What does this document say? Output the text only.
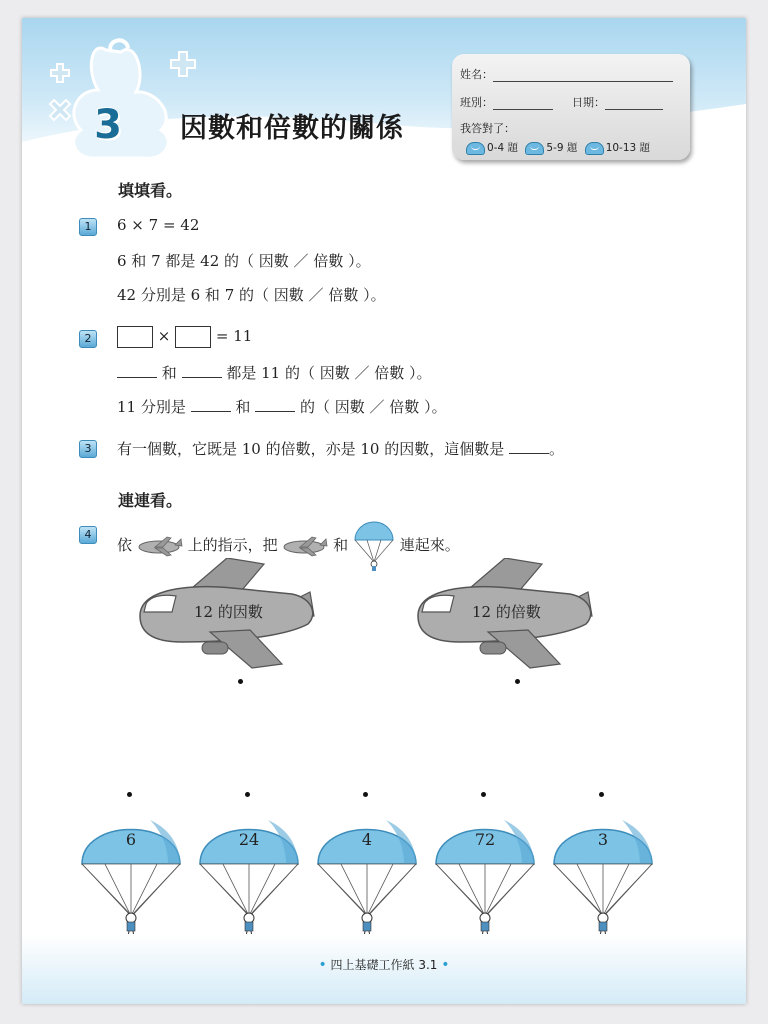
3 因數和倍數的關係
姓名：
班別：	日期：
我答對了：
0-4 題	5-9 題	10-13 題
填填看。
1	6 × 7 = 42
6 和 7 都是 42 的（ 因數 ／ 倍數 ）。
42 分別是 6 和 7 的（ 因數 ／ 倍數 ）。
2	×	= 11
和	都是 11 的（ 因數 ／ 倍數 ）。
11 分別是	和	的（ 因數 ／ 倍數 ）。
3	有一個數，它既是 10 的倍數，亦是 10 的因數，這個數是	。
連連看。
4
依	上的指示，把	和	連起來。
12 的因數	12 的倍數
6	24	4	72	3
• 四上基礎工作紙 3.1 •
